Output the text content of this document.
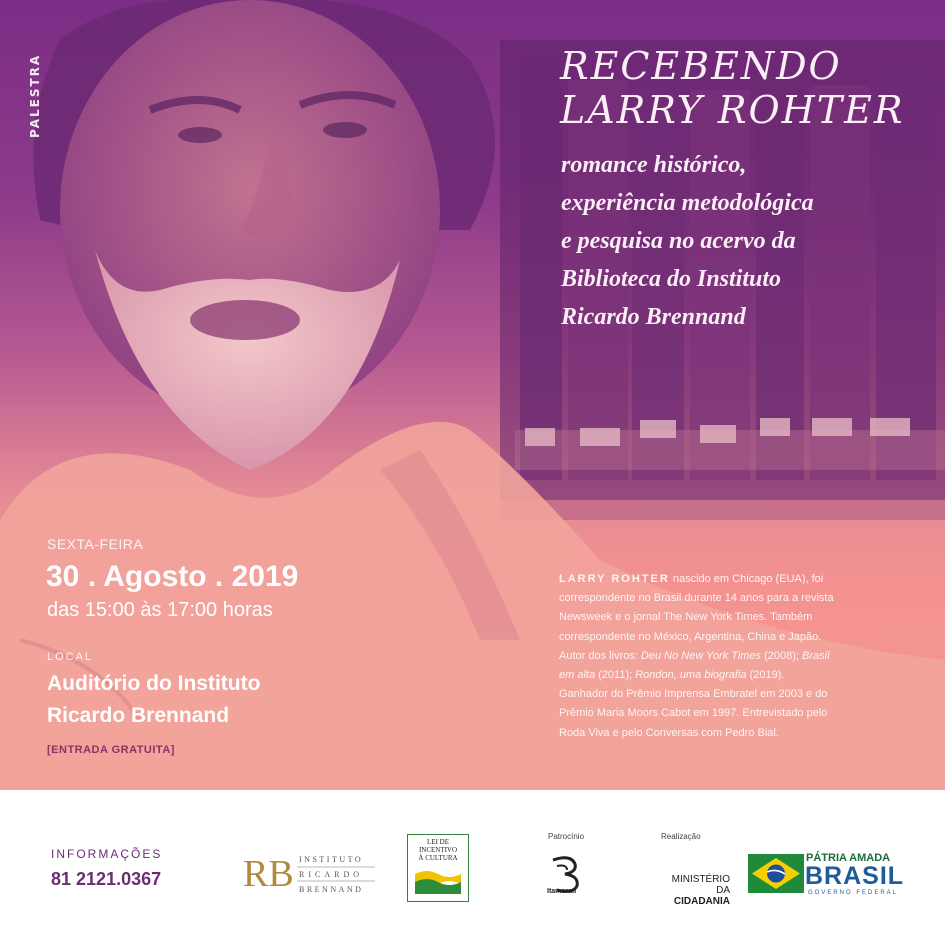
PALESTRA	RECEBENDO
LARRY ROHTER
romance histórico,
experiência metodológica
e pesquisa no acervo da
Biblioteca do Instituto
Ricardo Brennand
SEXTA-FEIRA
30 . Agosto . 2019
das 15:00 às 17:00 horas
LOCAL
Auditório do Instituto
Ricardo Brennand
[ENTRADA GRATUITA]
LARRY ROHTER nascido em Chicago (EUA), foi correspondente no Brasil durante 14 anos para a revista Newsweek e o jornal The New York Times. Também correspondente no México, Argentina, China e Japão. Autor dos livros: Deu No New York Times (2008); Brasil em alta (2011); Rondon, uma biografia (2019). Ganhador do Prêmio Imprensa Embratel em 2003 e do Prêmio Maria Moors Cabot em 1997. Entrevistado pelo Roda Viva e pelo Conversas com Pedro Bial.
INFORMAÇÕES
81 2121.0367 RB INSTITUTO
RICARDO
BRENNAND
LEI DE
INCENTIVO
À CULTURA
Patrocínio
Itamarati
Realização
MINISTÉRIO DA
CIDADANIA
PÁTRIA AMADA
BRASIL
GOVERNO FEDERAL
